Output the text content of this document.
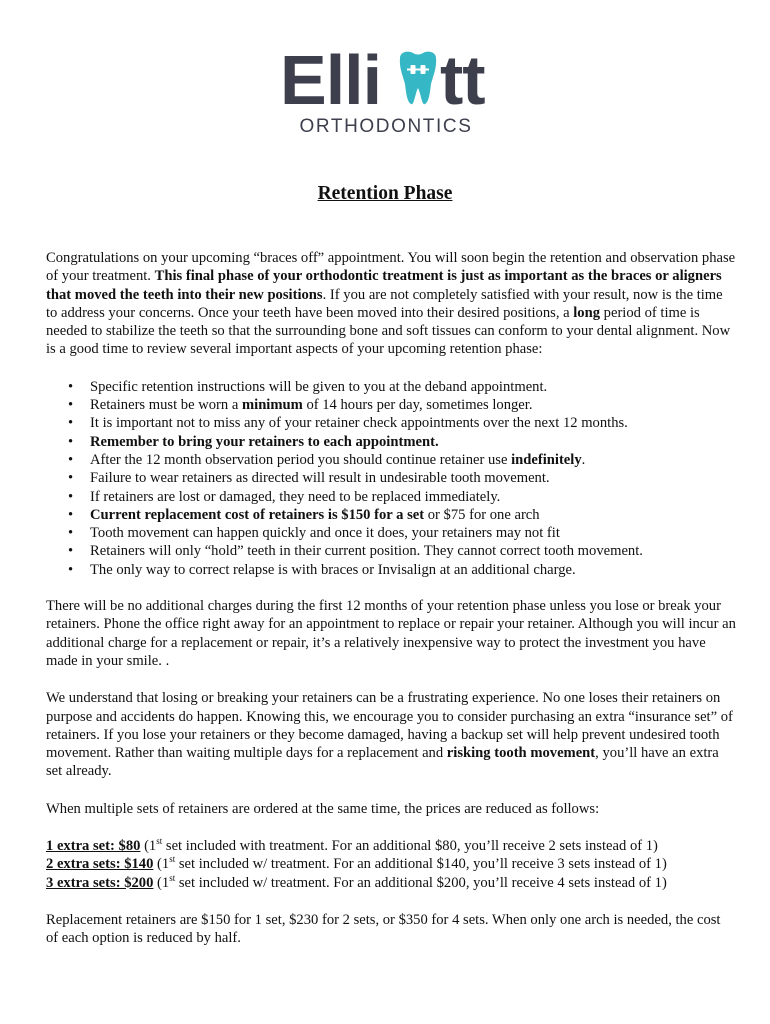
Elli tt
ORTHODONTICS
Retention Phase

Congratulations on your upcoming “braces off” appointment. You will soon begin the retention and observation phase of your treatment. This final phase of your orthodontic treatment is just as important as the braces or aligners that moved the teeth into their new positions. If you are not completely satisfied with your result, now is the time to address your concerns. Once your teeth have been moved into their desired positions, a long period of time is needed to stabilize the teeth so that the surrounding bone and soft tissues can conform to your dental alignment. Now is a good time to review several important aspects of your upcoming retention phase:

• Specific retention instructions will be given to you at the deband appointment.
• Retainers must be worn a minimum of 14 hours per day, sometimes longer.
• It is important not to miss any of your retainer check appointments over the next 12 months.
• Remember to bring your retainers to each appointment.
• After the 12 month observation period you should continue retainer use indefinitely.
• Failure to wear retainers as directed will result in undesirable tooth movement.
• If retainers are lost or damaged, they need to be replaced immediately.
• Current replacement cost of retainers is $150 for a set or $75 for one arch
• Tooth movement can happen quickly and once it does, your retainers may not fit
• Retainers will only “hold” teeth in their current position. They cannot correct tooth movement.
• The only way to correct relapse is with braces or Invisalign at an additional charge.

There will be no additional charges during the first 12 months of your retention phase unless you lose or break your retainers. Phone the office right away for an appointment to replace or repair your retainer. Although you will incur an additional charge for a replacement or repair, it’s a relatively inexpensive way to protect the investment you have made in your smile. .

We understand that losing or breaking your retainers can be a frustrating experience. No one loses their retainers on purpose and accidents do happen. Knowing this, we encourage you to consider purchasing an extra “insurance set” of retainers. If you lose your retainers or they become damaged, having a backup set will help prevent undesired tooth movement. Rather than waiting multiple days for a replacement and risking tooth movement, you’ll have an extra set already.

When multiple sets of retainers are ordered at the same time, the prices are reduced as follows:

1 extra set: $80 (1st set included with treatment. For an additional $80, you’ll receive 2 sets instead of 1)
2 extra sets: $140 (1st set included w/ treatment. For an additional $140, you’ll receive 3 sets instead of 1)
3 extra sets: $200 (1st set included w/ treatment. For an additional $200, you’ll receive 4 sets instead of 1)

Replacement retainers are $150 for 1 set, $230 for 2 sets, or $350 for 4 sets. When only one arch is needed, the cost of each option is reduced by half.
